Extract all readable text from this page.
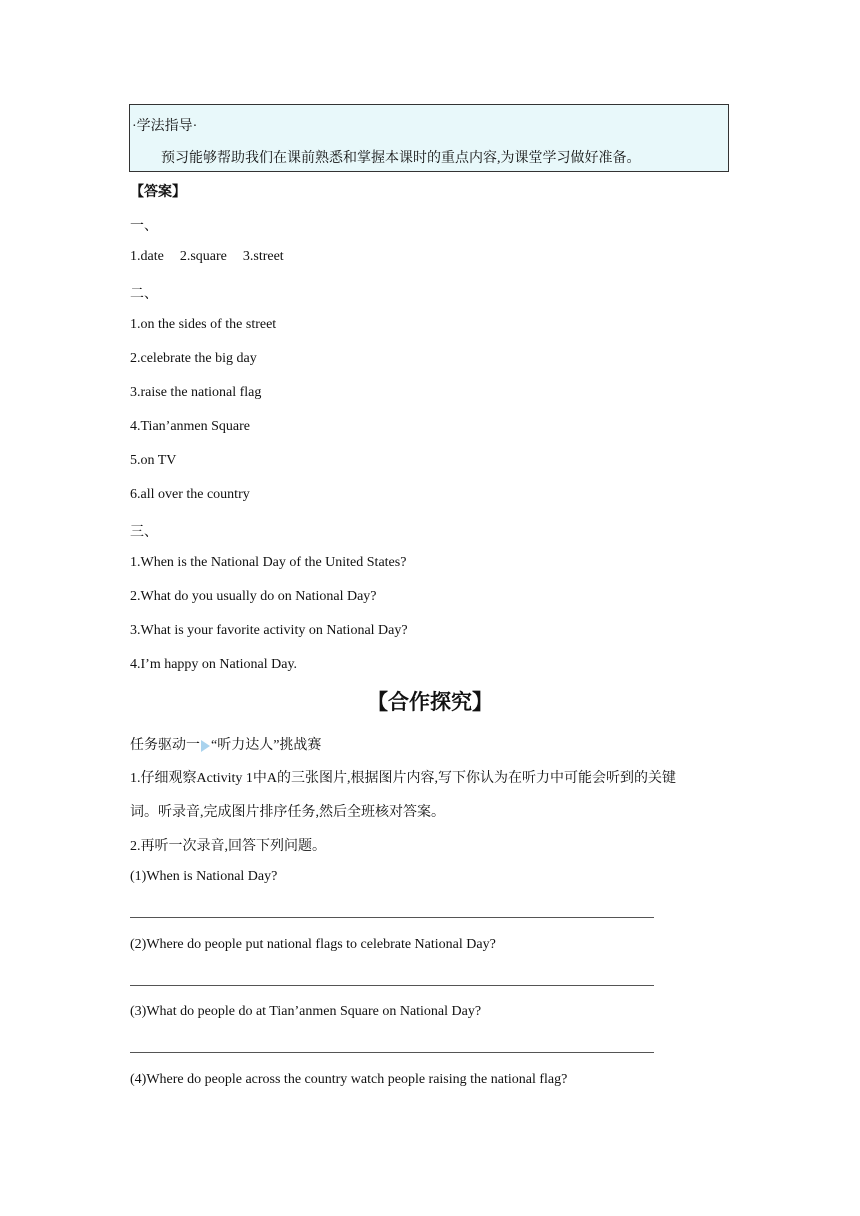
·学法指导·
预习能够帮助我们在课前熟悉和掌握本课时的重点内容,为课堂学习做好准备。
【答案】
一、
1.date 2.square 3.street
二、
1.on the sides of the street
2.celebrate the big day
3.raise the national flag
4.Tian’anmen Square
5.on TV
6.all over the country
三、
1.When is the National Day of the United States?
2.What do you usually do on National Day?
3.What is your favorite activity on National Day?
4.I’m happy on National Day.
【合作探究】
任务驱动一 “听力达人”挑战赛
1.仔细观察Activity 1中A的三张图片,根据图片内容,写下你认为在听力中可能会听到的关键
词。听录音,完成图片排序任务,然后全班核对答案。
2.再听一次录音,回答下列问题。
(1)When is National Day?
(2)Where do people put national flags to celebrate National Day?
(3)What do people do at Tian’anmen Square on National Day?
(4)Where do people across the country watch people raising the national flag?
